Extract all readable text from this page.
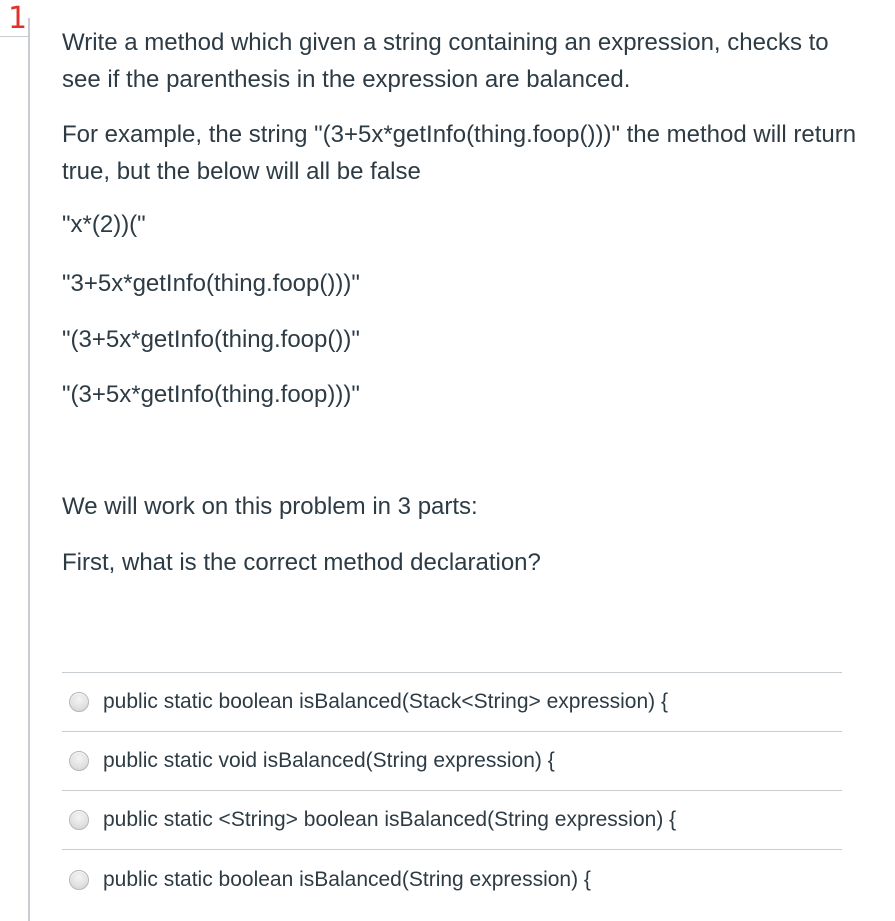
1

Write a method which given a string containing an expression, checks to see if the parenthesis in the expression are balanced.

For example, the string "(3+5x*getInfo(thing.foop()))" the method will return true, but the below will all be false

"x*(2))("

"3+5x*getInfo(thing.foop()))"

"(3+5x*getInfo(thing.foop())"

"(3+5x*getInfo(thing.foop)))"

We will work on this problem in 3 parts:

First, what is the correct method declaration?

public static boolean isBalanced(Stack<String> expression) {
public static void isBalanced(String expression) {
public static <String> boolean isBalanced(String expression) {
public static boolean isBalanced(String expression) {
